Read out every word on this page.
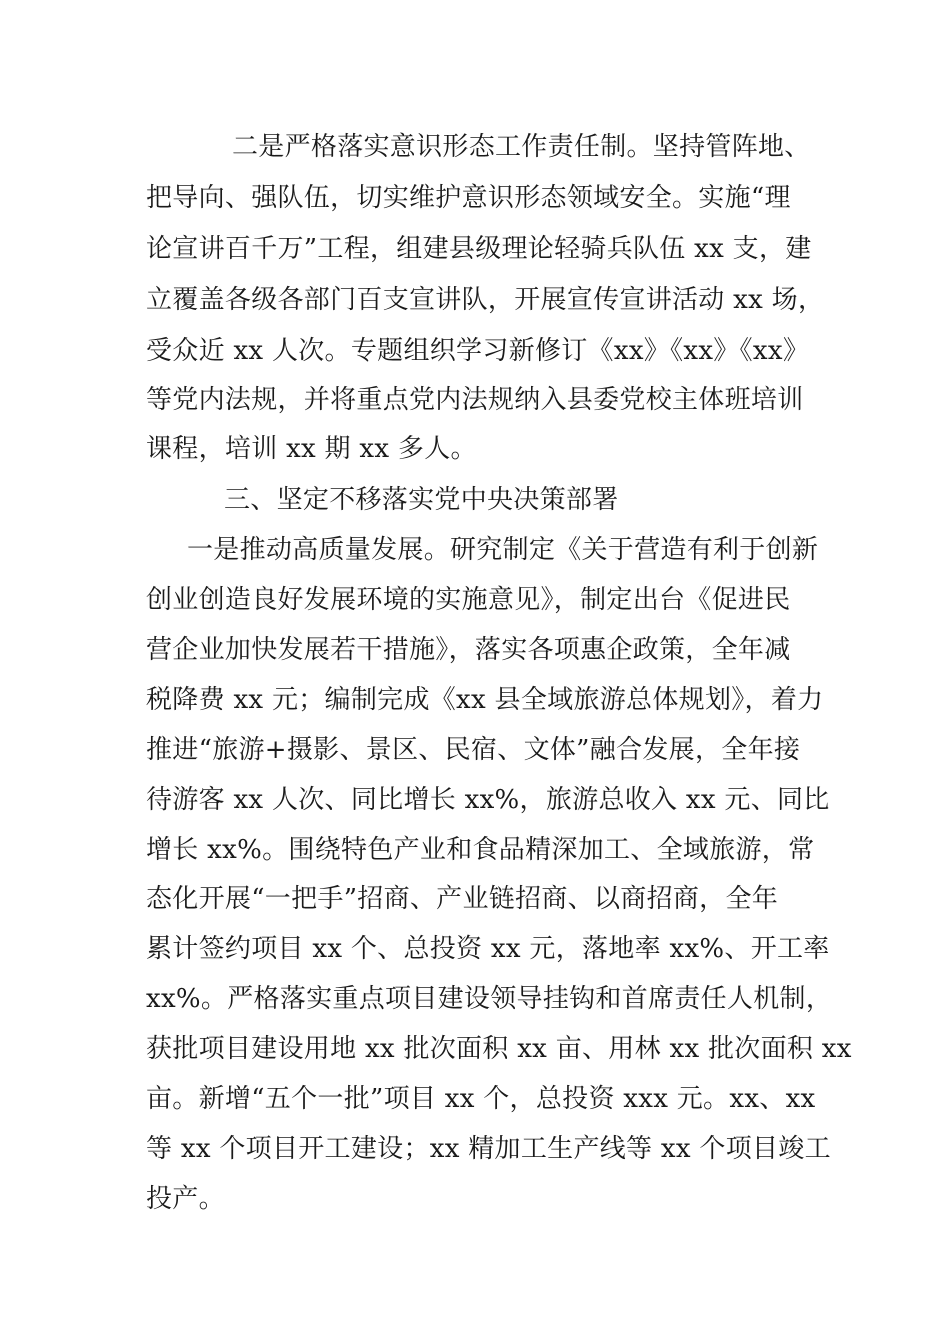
二是严格落实意识形态工作责任制。坚持管阵地、

把导向、强队伍，切实维护意识形态领域安全。实施“理

论宣讲百千万”工程，组建县级理论轻骑兵队伍 xx 支，建

立覆盖各级各部门百支宣讲队，开展宣传宣讲活动 xx 场，

受众近 xx 人次。专题组织学习新修订《xx》《xx》《xx》

等党内法规，并将重点党内法规纳入县委党校主体班培训

课程，培训 xx 期 xx 多人。

三、坚定不移落实党中央决策部署

一是推动高质量发展。研究制定《关于营造有利于创新

创业创造良好发展环境的实施意见》，制定出台《促进民

营企业加快发展若干措施》，落实各项惠企政策，全年减

税降费 xx 元；编制完成《xx 县全域旅游总体规划》，着力

推进“旅游+摄影、景区、民宿、文体”融合发展，全年接

待游客 xx 人次、同比增长 xx%，旅游总收入 xx 元、同比

增长 xx%。围绕特色产业和食品精深加工、全域旅游，常

态化开展“一把手”招商、产业链招商、以商招商，全年

累计签约项目 xx 个、总投资 xx 元，落地率 xx%、开工率

xx%。严格落实重点项目建设领导挂钩和首席责任人机制，

获批项目建设用地 xx 批次面积 xx 亩、用林 xx 批次面积 xx

亩。新增“五个一批”项目 xx 个，总投资 xxx 元。xx、xx

等 xx 个项目开工建设；xx 精加工生产线等 xx 个项目竣工

投产。
